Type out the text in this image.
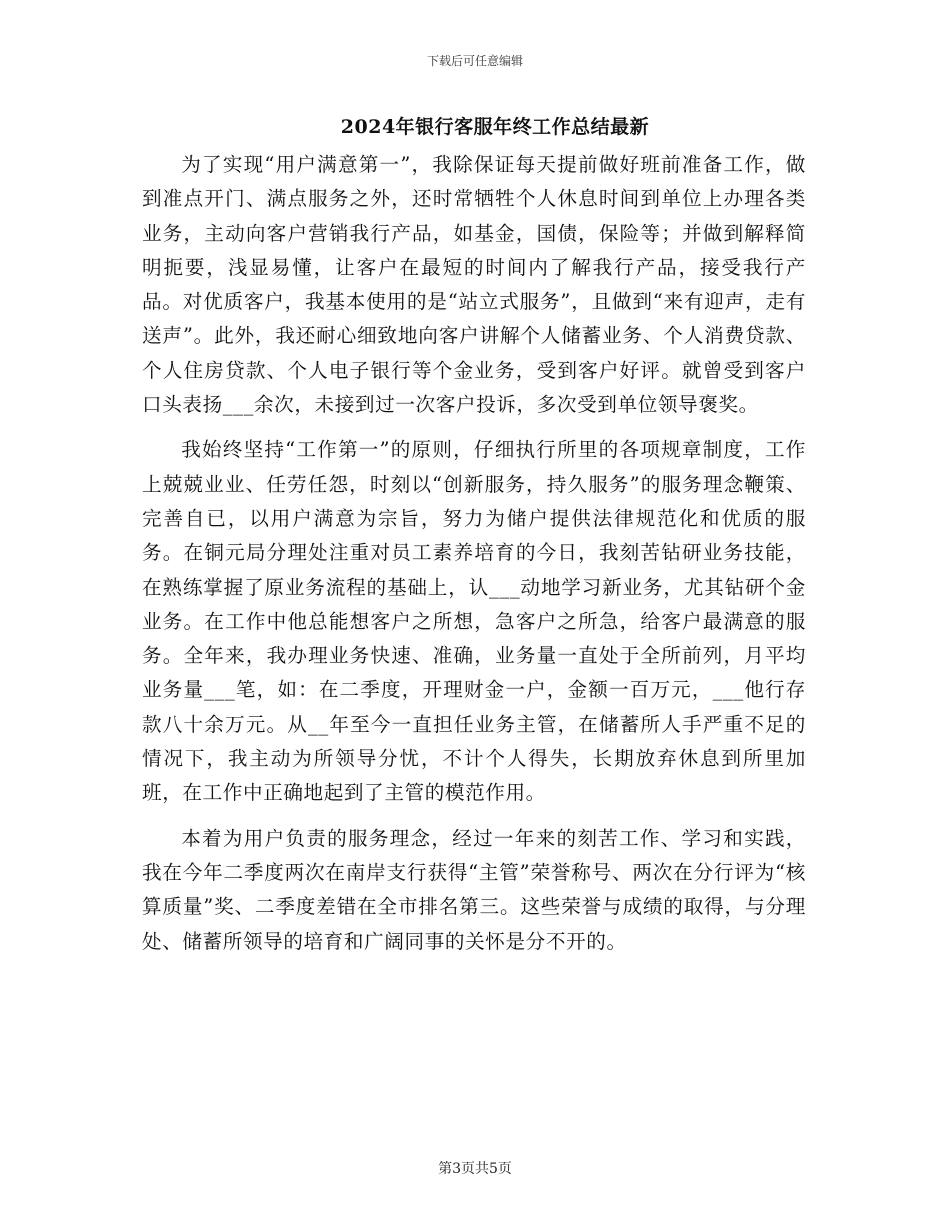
下载后可任意编辑
2024年银行客服年终工作总结最新

为了实现“用户满意第一”，我除保证每天提前做好班前准备工作，做到准点开门、满点服务之外，还时常牺牲个人休息时间到单位上办理各类业务，主动向客户营销我行产品，如基金，国债，保险等；并做到解释简明扼要，浅显易懂，让客户在最短的时间内了解我行产品，接受我行产品。对优质客户，我基本使用的是“站立式服务”，且做到“来有迎声，走有送声”。此外，我还耐心细致地向客户讲解个人储蓄业务、个人消费贷款、个人住房贷款、个人电子银行等个金业务，受到客户好评。就曾受到客户口头表扬___余次，未接到过一次客户投诉，多次受到单位领导褒奖。

我始终坚持“工作第一”的原则，仔细执行所里的各项规章制度，工作上兢兢业业、任劳任怨，时刻以“创新服务，持久服务”的服务理念鞭策、完善自已，以用户满意为宗旨，努力为储户提供法律规范化和优质的服务。在铜元局分理处注重对员工素养培育的今日，我刻苦钻研业务技能，在熟练掌握了原业务流程的基础上，认___动地学习新业务，尤其钻研个金业务。在工作中他总能想客户之所想，急客户之所急，给客户最满意的服务。全年来，我办理业务快速、准确，业务量一直处于全所前列，月平均业务量___笔，如：在二季度，开理财金一户，金额一百万元，___他行存款八十余万元。从__年至今一直担任业务主管，在储蓄所人手严重不足的情况下，我主动为所领导分忧，不计个人得失，长期放弃休息到所里加班，在工作中正确地起到了主管的模范作用。

本着为用户负责的服务理念，经过一年来的刻苦工作、学习和实践，我在今年二季度两次在南岸支行获得“主管”荣誉称号、两次在分行评为“核算质量”奖、二季度差错在全市排名第三。这些荣誉与成绩的取得，与分理处、储蓄所领导的培育和广阔同事的关怀是分不开的。

第3页共5页
